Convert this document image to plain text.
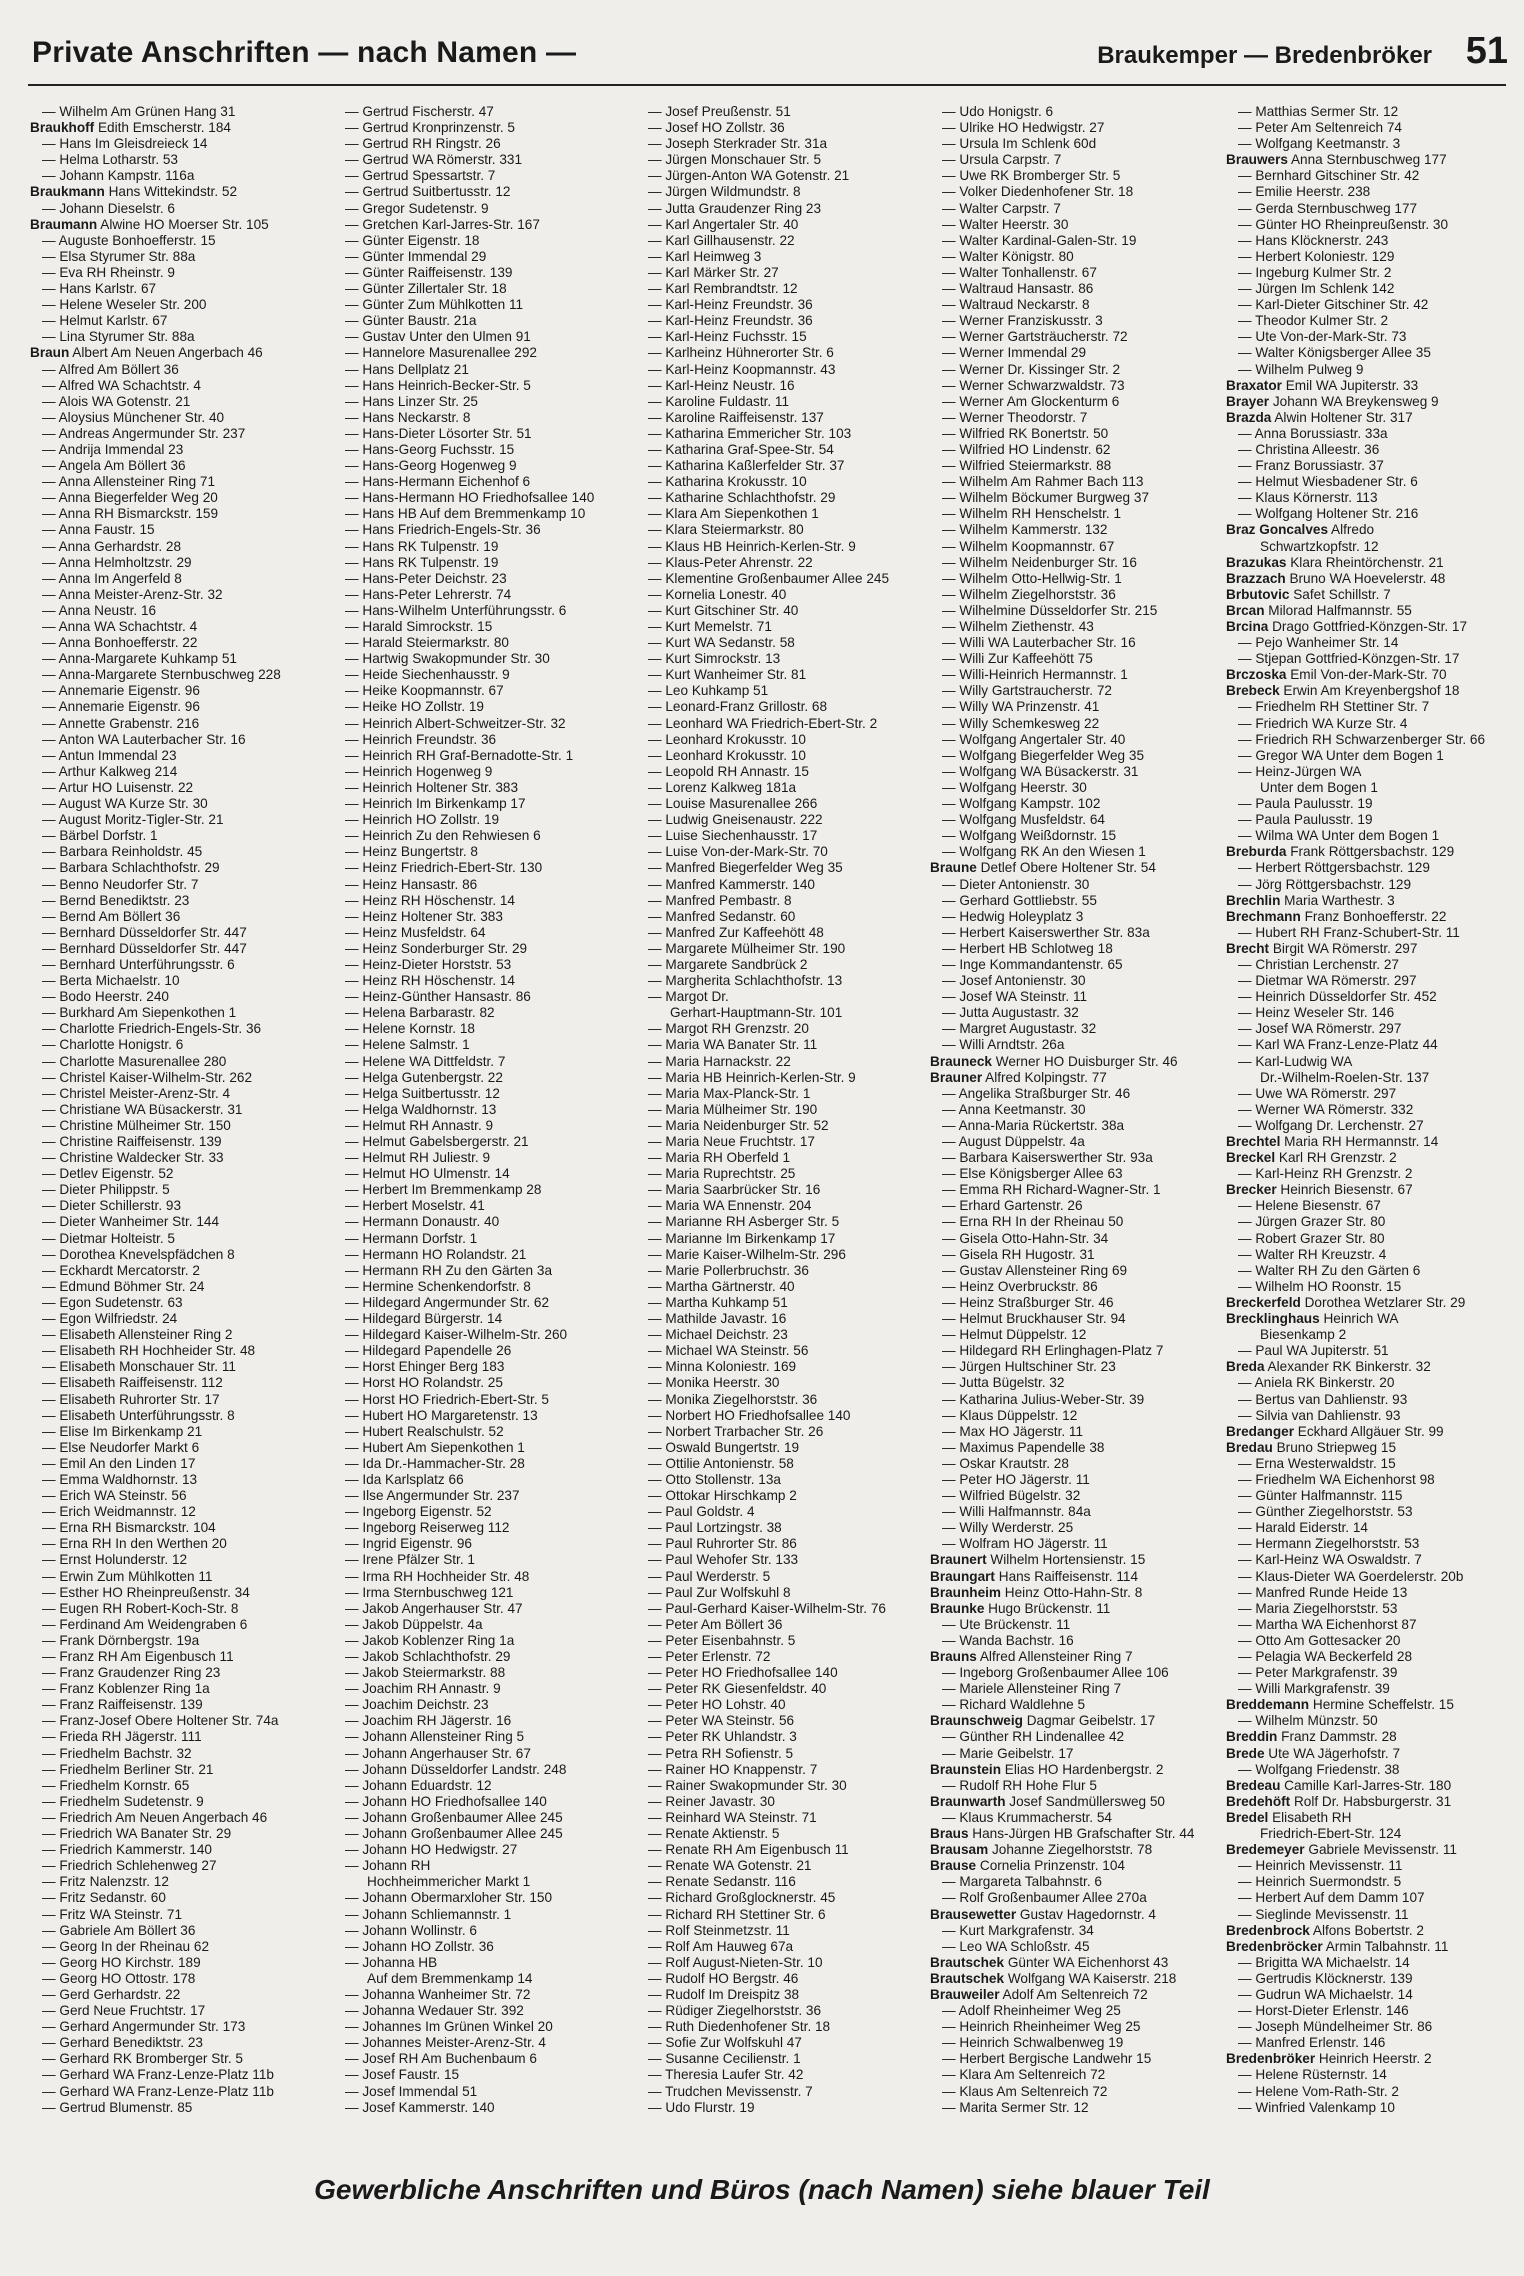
Private Anschriften — nach Namen —	Braukemper — Bredenbröker 51
— Wilhelm Am Grünen Hang 31
Braukhoff Edith Emscherstr. 184
— Hans Im Gleisdreieck 14
— Helma Lotharstr. 53
— Johann Kampstr. 116a
Braukmann Hans Wittekindstr. 52
— Johann Dieselstr. 6
Braumann Alwine HO Moerser Str. 105
— Auguste Bonhoefferstr. 15
— Elsa Styrumer Str. 88a
— Eva RH Rheinstr. 9
— Hans Karlstr. 67
— Helene Weseler Str. 200
— Helmut Karlstr. 67
— Lina Styrumer Str. 88a
Braun Albert Am Neuen Angerbach 46
— Alfred Am Böllert 36
— Alfred WA Schachtstr. 4
— Alois WA Gotenstr. 21
— Aloysius Münchener Str. 40
— Andreas Angermunder Str. 237
— Andrija Immendal 23
— Angela Am Böllert 36
— Anna Allensteiner Ring 71
— Anna Biegerfelder Weg 20
— Anna RH Bismarckstr. 159
— Anna Faustr. 15
— Anna Gerhardstr. 28
— Anna Helmholtzstr. 29
— Anna Im Angerfeld 8
— Anna Meister-Arenz-Str. 32
— Anna Neustr. 16
— Anna WA Schachtstr. 4
— Anna Bonhoefferstr. 22
— Anna-Margarete Kuhkamp 51
— Anna-Margarete Sternbuschweg 228
— Annemarie Eigenstr. 96
— Annemarie Eigenstr. 96
— Annette Grabenstr. 216
— Anton WA Lauterbacher Str. 16
— Antun Immendal 23
— Arthur Kalkweg 214
— Artur HO Luisenstr. 22
— August WA Kurze Str. 30
— August Moritz-Tigler-Str. 21
— Bärbel Dorfstr. 1
— Barbara Reinholdstr. 45
— Barbara Schlachthofstr. 29
— Benno Neudorfer Str. 7
— Bernd Benediktstr. 23
— Bernd Am Böllert 36
— Bernhard Düsseldorfer Str. 447
— Bernhard Düsseldorfer Str. 447
— Bernhard Unterführungsstr. 6
— Berta Michaelstr. 10
— Bodo Heerstr. 240
— Burkhard Am Siepenkothen 1
— Charlotte Friedrich-Engels-Str. 36
— Charlotte Honigstr. 6
— Charlotte Masurenallee 280
— Christel Kaiser-Wilhelm-Str. 262
— Christel Meister-Arenz-Str. 4
— Christiane WA Büsackerstr. 31
— Christine Mülheimer Str. 150
— Christine Raiffeisenstr. 139
— Christine Waldecker Str. 33
— Detlev Eigenstr. 52
— Dieter Philippstr. 5
— Dieter Schillerstr. 93
— Dieter Wanheimer Str. 144
— Dietmar Holteistr. 5
— Dorothea Knevelspfädchen 8
— Eckhardt Mercatorstr. 2
— Edmund Böhmer Str. 24
— Egon Sudetenstr. 63
— Egon Wilfriedstr. 24
— Elisabeth Allensteiner Ring 2
— Elisabeth RH Hochheider Str. 48
— Elisabeth Monschauer Str. 11
— Elisabeth Raiffeisenstr. 112
— Elisabeth Ruhrorter Str. 17
— Elisabeth Unterführungsstr. 8
— Elise Im Birkenkamp 21
— Else Neudorfer Markt 6
— Emil An den Linden 17
— Emma Waldhornstr. 13
— Erich WA Steinstr. 56
— Erich Weidmannstr. 12
— Erna RH Bismarckstr. 104
— Erna RH In den Werthen 20
— Ernst Holunderstr. 12
— Erwin Zum Mühlkotten 11
— Esther HO Rheinpreußenstr. 34
— Eugen RH Robert-Koch-Str. 8
— Ferdinand Am Weidengraben 6
— Frank Dörnbergstr. 19a
— Franz RH Am Eigenbusch 11
— Franz Graudenzer Ring 23
— Franz Koblenzer Ring 1a
— Franz Raiffeisenstr. 139
— Franz-Josef Obere Holtener Str. 74a
— Frieda RH Jägerstr. 111
— Friedhelm Bachstr. 32
— Friedhelm Berliner Str. 21
— Friedhelm Kornstr. 65
— Friedhelm Sudetenstr. 9
— Friedrich Am Neuen Angerbach 46
— Friedrich WA Banater Str. 29
— Friedrich Kammerstr. 140
— Friedrich Schlehenweg 27
— Fritz Nalenzstr. 12
— Fritz Sedanstr. 60
— Fritz WA Steinstr. 71
— Gabriele Am Böllert 36
— Georg In der Rheinau 62
— Georg HO Kirchstr. 189
— Georg HO Ottostr. 178
— Gerd Gerhardstr. 22
— Gerd Neue Fruchtstr. 17
— Gerhard Angermunder Str. 173
— Gerhard Benediktstr. 23
— Gerhard RK Bromberger Str. 5
— Gerhard WA Franz-Lenze-Platz 11b
— Gerhard WA Franz-Lenze-Platz 11b
— Gertrud Blumenstr. 85
— Gertrud Fischerstr. 47
— Gertrud Kronprinzenstr. 5
— Gertrud RH Ringstr. 26
— Gertrud WA Römerstr. 331
— Gertrud Spessartstr. 7
— Gertrud Suitbertusstr. 12
— Gregor Sudetenstr. 9
— Gretchen Karl-Jarres-Str. 167
— Günter Eigenstr. 18
— Günter Immendal 29
— Günter Raiffeisenstr. 139
— Günter Zillertaler Str. 18
— Günter Zum Mühlkotten 11
— Günter Baustr. 21a
— Gustav Unter den Ulmen 91
— Hannelore Masurenallee 292
— Hans Dellplatz 21
— Hans Heinrich-Becker-Str. 5
— Hans Linzer Str. 25
— Hans Neckarstr. 8
— Hans-Dieter Lösorter Str. 51
— Hans-Georg Fuchsstr. 15
— Hans-Georg Hogenweg 9
— Hans-Hermann Eichenhof 6
— Hans-Hermann HO Friedhofsallee 140
— Hans HB Auf dem Bremmenkamp 10
— Hans Friedrich-Engels-Str. 36
— Hans RK Tulpenstr. 19
— Hans RK Tulpenstr. 19
— Hans-Peter Deichstr. 23
— Hans-Peter Lehrerstr. 74
— Hans-Wilhelm Unterführungsstr. 6
— Harald Simrockstr. 15
— Harald Steiermarkstr. 80
— Hartwig Swakopmunder Str. 30
— Heide Siechenhausstr. 9
— Heike Koopmannstr. 67
— Heike HO Zollstr. 19
— Heinrich Albert-Schweitzer-Str. 32
— Heinrich Freundstr. 36
— Heinrich RH Graf-Bernadotte-Str. 1
— Heinrich Hogenweg 9
— Heinrich Holtener Str. 383
— Heinrich Im Birkenkamp 17
— Heinrich HO Zollstr. 19
— Heinrich Zu den Rehwiesen 6
— Heinz Bungertstr. 8
— Heinz Friedrich-Ebert-Str. 130
— Heinz Hansastr. 86
— Heinz RH Höschenstr. 14
— Heinz Holtener Str. 383
— Heinz Musfeldstr. 64
— Heinz Sonderburger Str. 29
— Heinz-Dieter Horststr. 53
— Heinz RH Höschenstr. 14
— Heinz-Günther Hansastr. 86
— Helena Barbarastr. 82
— Helene Kornstr. 18
— Helene Salmstr. 1
— Helene WA Dittfeldstr. 7
— Helga Gutenbergstr. 22
— Helga Suitbertusstr. 12
— Helga Waldhornstr. 13
— Helmut RH Annastr. 9
— Helmut Gabelsbergerstr. 21
— Helmut RH Juliestr. 9
— Helmut HO Ulmenstr. 14
— Herbert Im Bremmenkamp 28
— Herbert Moselstr. 41
— Hermann Donaustr. 40
— Hermann Dorfstr. 1
— Hermann HO Rolandstr. 21
— Hermann RH Zu den Gärten 3a
— Hermine Schenkendorfstr. 8
— Hildegard Angermunder Str. 62
— Hildegard Bürgerstr. 14
— Hildegard Kaiser-Wilhelm-Str. 260
— Hildegard Papendelle 26
— Horst Ehinger Berg 183
— Horst HO Rolandstr. 25
— Horst HO Friedrich-Ebert-Str. 5
— Hubert HO Margaretenstr. 13
— Hubert Realschulstr. 52
— Hubert Am Siepenkothen 1
— Ida Dr.-Hammacher-Str. 28
— Ida Karlsplatz 66
— Ilse Angermunder Str. 237
— Ingeborg Eigenstr. 52
— Ingeborg Reiserweg 112
— Ingrid Eigenstr. 96
— Irene Pfälzer Str. 1
— Irma RH Hochheider Str. 48
— Irma Sternbuschweg 121
— Jakob Angerhauser Str. 47
— Jakob Düppelstr. 4a
— Jakob Koblenzer Ring 1a
— Jakob Schlachthofstr. 29
— Jakob Steiermarkstr. 88
— Joachim RH Annastr. 9
— Joachim Deichstr. 23
— Joachim RH Jägerstr. 16
— Johann Allensteiner Ring 5
— Johann Angerhauser Str. 67
— Johann Düsseldorfer Landstr. 248
— Johann Eduardstr. 12
— Johann HO Friedhofsallee 140
— Johann Großenbaumer Allee 245
— Johann Großenbaumer Allee 245
— Johann HO Hedwigstr. 27
— Johann RH
Hochheimmericher Markt 1
— Johann Obermarxloher Str. 150
— Johann Schliemannstr. 1
— Johann Wollinstr. 6
— Johann HO Zollstr. 36
— Johanna HB
Auf dem Bremmenkamp 14
— Johanna Wanheimer Str. 72
— Johanna Wedauer Str. 392
— Johannes Im Grünen Winkel 20
— Johannes Meister-Arenz-Str. 4
— Josef RH Am Buchenbaum 6
— Josef Faustr. 15
— Josef Immendal 51
— Josef Kammerstr. 140
— Josef Preußenstr. 51
— Josef HO Zollstr. 36
— Joseph Sterkrader Str. 31a
— Jürgen Monschauer Str. 5
— Jürgen-Anton WA Gotenstr. 21
— Jürgen Wildmundstr. 8
— Jutta Graudenzer Ring 23
— Karl Angertaler Str. 40
— Karl Gillhausenstr. 22
— Karl Heimweg 3
— Karl Märker Str. 27
— Karl Rembrandtstr. 12
— Karl-Heinz Freundstr. 36
— Karl-Heinz Freundstr. 36
— Karl-Heinz Fuchsstr. 15
— Karlheinz Hühnerorter Str. 6
— Karl-Heinz Koopmannstr. 43
— Karl-Heinz Neustr. 16
— Karoline Fuldastr. 11
— Karoline Raiffeisenstr. 137
— Katharina Emmericher Str. 103
— Katharina Graf-Spee-Str. 54
— Katharina Kaßlerfelder Str. 37
— Katharina Krokusstr. 10
— Katharine Schlachthofstr. 29
— Klara Am Siepenkothen 1
— Klara Steiermarkstr. 80
— Klaus HB Heinrich-Kerlen-Str. 9
— Klaus-Peter Ahrenstr. 22
— Klementine Großenbaumer Allee 245
— Kornelia Lonestr. 40
— Kurt Gitschiner Str. 40
— Kurt Memelstr. 71
— Kurt WA Sedanstr. 58
— Kurt Simrockstr. 13
— Kurt Wanheimer Str. 81
— Leo Kuhkamp 51
— Leonard-Franz Grillostr. 68
— Leonhard WA Friedrich-Ebert-Str. 2
— Leonhard Krokusstr. 10
— Leonhard Krokusstr. 10
— Leopold RH Annastr. 15
— Lorenz Kalkweg 181a
— Louise Masurenallee 266
— Ludwig Gneisenaustr. 222
— Luise Siechenhausstr. 17
— Luise Von-der-Mark-Str. 70
— Manfred Biegerfelder Weg 35
— Manfred Kammerstr. 140
— Manfred Pembastr. 8
— Manfred Sedanstr. 60
— Manfred Zur Kaffeehött 48
— Margarete Mülheimer Str. 190
— Margarete Sandbrück 2
— Margherita Schlachthofstr. 13
— Margot Dr.
Gerhart-Hauptmann-Str. 101
— Margot RH Grenzstr. 20
— Maria WA Banater Str. 11
— Maria Harnackstr. 22
— Maria HB Heinrich-Kerlen-Str. 9
— Maria Max-Planck-Str. 1
— Maria Mülheimer Str. 190
— Maria Neidenburger Str. 52
— Maria Neue Fruchtstr. 17
— Maria RH Oberfeld 1
— Maria Ruprechtstr. 25
— Maria Saarbrücker Str. 16
— Maria WA Ennenstr. 204
— Marianne RH Asberger Str. 5
— Marianne Im Birkenkamp 17
— Marie Kaiser-Wilhelm-Str. 296
— Marie Pollerbruchstr. 36
— Martha Gärtnerstr. 40
— Martha Kuhkamp 51
— Mathilde Javastr. 16
— Michael Deichstr. 23
— Michael WA Steinstr. 56
— Minna Koloniestr. 169
— Monika Heerstr. 30
— Monika Ziegelhorststr. 36
— Norbert HO Friedhofsallee 140
— Norbert Trarbacher Str. 26
— Oswald Bungertstr. 19
— Ottilie Antonienstr. 58
— Otto Stollenstr. 13a
— Ottokar Hirschkamp 2
— Paul Goldstr. 4
— Paul Lortzingstr. 38
— Paul Ruhrorter Str. 86
— Paul Wehofer Str. 133
— Paul Werderstr. 5
— Paul Zur Wolfskuhl 8
— Paul-Gerhard Kaiser-Wilhelm-Str. 76
— Peter Am Böllert 36
— Peter Eisenbahnstr. 5
— Peter Erlenstr. 72
— Peter HO Friedhofsallee 140
— Peter RK Giesenfeldstr. 40
— Peter HO Lohstr. 40
— Peter WA Steinstr. 56
— Peter RK Uhlandstr. 3
— Petra RH Sofienstr. 5
— Rainer HO Knappenstr. 7
— Rainer Swakopmunder Str. 30
— Reiner Javastr. 30
— Reinhard WA Steinstr. 71
— Renate Aktienstr. 5
— Renate RH Am Eigenbusch 11
— Renate WA Gotenstr. 21
— Renate Sedanstr. 116
— Richard Großglocknerstr. 45
— Richard RH Stettiner Str. 6
— Rolf Steinmetzstr. 11
— Rolf Am Hauweg 67a
— Rolf August-Nieten-Str. 10
— Rudolf HO Bergstr. 46
— Rudolf Im Dreispitz 38
— Rüdiger Ziegelhorststr. 36
— Ruth Diedenhofener Str. 18
— Sofie Zur Wolfskuhl 47
— Susanne Cecilienstr. 1
— Theresia Laufer Str. 42
— Trudchen Mevissenstr. 7
— Udo Flurstr. 19
— Udo Honigstr. 6
— Ulrike HO Hedwigstr. 27
— Ursula Im Schlenk 60d
— Ursula Carpstr. 7
— Uwe RK Bromberger Str. 5
— Volker Diedenhofener Str. 18
— Walter Carpstr. 7
— Walter Heerstr. 30
— Walter Kardinal-Galen-Str. 19
— Walter Königstr. 80
— Walter Tonhallenstr. 67
— Waltraud Hansastr. 86
— Waltraud Neckarstr. 8
— Werner Franziskusstr. 3
— Werner Gartsträucherstr. 72
— Werner Immendal 29
— Werner Dr. Kissinger Str. 2
— Werner Schwarzwaldstr. 73
— Werner Am Glockenturm 6
— Werner Theodorstr. 7
— Wilfried RK Bonertstr. 50
— Wilfried HO Lindenstr. 62
— Wilfried Steiermarkstr. 88
— Wilhelm Am Rahmer Bach 113
— Wilhelm Böckumer Burgweg 37
— Wilhelm RH Henschelstr. 1
— Wilhelm Kammerstr. 132
— Wilhelm Koopmannstr. 67
— Wilhelm Neidenburger Str. 16
— Wilhelm Otto-Hellwig-Str. 1
— Wilhelm Ziegelhorststr. 36
— Wilhelmine Düsseldorfer Str. 215
— Wilhelm Ziethenstr. 43
— Willi WA Lauterbacher Str. 16
— Willi Zur Kaffeehött 75
— Willi-Heinrich Hermannstr. 1
— Willy Gartstraucherstr. 72
— Willy WA Prinzenstr. 41
— Willy Schemkesweg 22
— Wolfgang Angertaler Str. 40
— Wolfgang Biegerfelder Weg 35
— Wolfgang WA Büsackerstr. 31
— Wolfgang Heerstr. 30
— Wolfgang Kampstr. 102
— Wolfgang Musfeldstr. 64
— Wolfgang Weißdornstr. 15
— Wolfgang RK An den Wiesen 1
Braune Detlef Obere Holtener Str. 54
— Dieter Antonienstr. 30
— Gerhard Gottliebstr. 55
— Hedwig Holeyplatz 3
— Herbert Kaiserswerther Str. 83a
— Herbert HB Schlotweg 18
— Inge Kommandantenstr. 65
— Josef Antonienstr. 30
— Josef WA Steinstr. 11
— Jutta Augustastr. 32
— Margret Augustastr. 32
— Willi Arndtstr. 26a
Brauneck Werner HO Duisburger Str. 46
Brauner Alfred Kolpingstr. 77
— Angelika Straßburger Str. 46
— Anna Keetmanstr. 30
— Anna-Maria Rückertstr. 38a
— August Düppelstr. 4a
— Barbara Kaiserswerther Str. 93a
— Else Königsberger Allee 63
— Emma RH Richard-Wagner-Str. 1
— Erhard Gartenstr. 26
— Erna RH In der Rheinau 50
— Gisela Otto-Hahn-Str. 34
— Gisela RH Hugostr. 31
— Gustav Allensteiner Ring 69
— Heinz Overbruckstr. 86
— Heinz Straßburger Str. 46
— Helmut Bruckhauser Str. 94
— Helmut Düppelstr. 12
— Hildegard RH Erlinghagen-Platz 7
— Jürgen Hultschiner Str. 23
— Jutta Bügelstr. 32
— Katharina Julius-Weber-Str. 39
— Klaus Düppelstr. 12
— Max HO Jägerstr. 11
— Maximus Papendelle 38
— Oskar Krautstr. 28
— Peter HO Jägerstr. 11
— Wilfried Bügelstr. 32
— Willi Halfmannstr. 84a
— Willy Werderstr. 25
— Wolfram HO Jägerstr. 11
Braunert Wilhelm Hortensienstr. 15
Braungart Hans Raiffeisenstr. 114
Braunheim Heinz Otto-Hahn-Str. 8
Braunke Hugo Brückenstr. 11
— Ute Brückenstr. 11
— Wanda Bachstr. 16
Brauns Alfred Allensteiner Ring 7
— Ingeborg Großenbaumer Allee 106
— Mariele Allensteiner Ring 7
— Richard Waldlehne 5
Braunschweig Dagmar Geibelstr. 17
— Günther RH Lindenallee 42
— Marie Geibelstr. 17
Braunstein Elias HO Hardenbergstr. 2
— Rudolf RH Hohe Flur 5
Braunwarth Josef Sandmüllersweg 50
— Klaus Krummacherstr. 54
Braus Hans-Jürgen HB Grafschafter Str. 44
Brausam Johanne Ziegelhorststr. 78
Brause Cornelia Prinzenstr. 104
— Margareta Talbahnstr. 6
— Rolf Großenbaumer Allee 270a
Brausewetter Gustav Hagedornstr. 4
— Kurt Markgrafenstr. 34
— Leo WA Schloßstr. 45
Brautschek Günter WA Eichenhorst 43
Brautschek Wolfgang WA Kaiserstr. 218
Brauweiler Adolf Am Seltenreich 72
— Adolf Rheinheimer Weg 25
— Heinrich Rheinheimer Weg 25
— Heinrich Schwalbenweg 19
— Herbert Bergische Landwehr 15
— Klara Am Seltenreich 72
— Klaus Am Seltenreich 72
— Marita Sermer Str. 12
— Matthias Sermer Str. 12
— Peter Am Seltenreich 74
— Wolfgang Keetmanstr. 3
Brauwers Anna Sternbuschweg 177
— Bernhard Gitschiner Str. 42
— Emilie Heerstr. 238
— Gerda Sternbuschweg 177
— Günter HO Rheinpreußenstr. 30
— Hans Klöcknerstr. 243
— Herbert Koloniestr. 129
— Ingeburg Kulmer Str. 2
— Jürgen Im Schlenk 142
— Karl-Dieter Gitschiner Str. 42
— Theodor Kulmer Str. 2
— Ute Von-der-Mark-Str. 73
— Walter Königsberger Allee 35
— Wilhelm Pulweg 9
Braxator Emil WA Jupiterstr. 33
Brayer Johann WA Breykensweg 9
Brazda Alwin Holtener Str. 317
— Anna Borussiastr. 33a
— Christina Alleestr. 36
— Franz Borussiastr. 37
— Helmut Wiesbadener Str. 6
— Klaus Körnerstr. 113
— Wolfgang Holtener Str. 216
Braz Goncalves Alfredo
Schwartzkopfstr. 12
Brazukas Klara Rheintörchenstr. 21
Brazzach Bruno WA Hoevelerstr. 48
Brbutovic Safet Schillstr. 7
Brcan Milorad Halfmannstr. 55
Brcina Drago Gottfried-Könzgen-Str. 17
— Pejo Wanheimer Str. 14
— Stjepan Gottfried-Könzgen-Str. 17
Brczoska Emil Von-der-Mark-Str. 70
Brebeck Erwin Am Kreyenbergshof 18
— Friedhelm RH Stettiner Str. 7
— Friedrich WA Kurze Str. 4
— Friedrich RH Schwarzenberger Str. 66
— Gregor WA Unter dem Bogen 1
— Heinz-Jürgen WA
Unter dem Bogen 1
— Paula Paulusstr. 19
— Paula Paulusstr. 19
— Wilma WA Unter dem Bogen 1
Breburda Frank Röttgersbachstr. 129
— Herbert Röttgersbachstr. 129
— Jörg Röttgersbachstr. 129
Brechlin Maria Warthestr. 3
Brechmann Franz Bonhoefferstr. 22
— Hubert RH Franz-Schubert-Str. 11
Brecht Birgit WA Römerstr. 297
— Christian Lerchenstr. 27
— Dietmar WA Römerstr. 297
— Heinrich Düsseldorfer Str. 452
— Heinz Weseler Str. 146
— Josef WA Römerstr. 297
— Karl WA Franz-Lenze-Platz 44
— Karl-Ludwig WA
Dr.-Wilhelm-Roelen-Str. 137
— Uwe WA Römerstr. 297
— Werner WA Römerstr. 332
— Wolfgang Dr. Lerchenstr. 27
Brechtel Maria RH Hermannstr. 14
Breckel Karl RH Grenzstr. 2
— Karl-Heinz RH Grenzstr. 2
Brecker Heinrich Biesenstr. 67
— Helene Biesenstr. 67
— Jürgen Grazer Str. 80
— Robert Grazer Str. 80
— Walter RH Kreuzstr. 4
— Walter RH Zu den Gärten 6
— Wilhelm HO Roonstr. 15
Breckerfeld Dorothea Wetzlarer Str. 29
Brecklinghaus Heinrich WA
Biesenkamp 2
— Paul WA Jupiterstr. 51
Breda Alexander RK Binkerstr. 32
— Aniela RK Binkerstr. 20
— Bertus van Dahlienstr. 93
— Silvia van Dahlienstr. 93
Bredanger Eckhard Allgäuer Str. 99
Bredau Bruno Striepweg 15
— Erna Westerwaldstr. 15
— Friedhelm WA Eichenhorst 98
— Günter Halfmannstr. 115
— Günther Ziegelhorststr. 53
— Harald Eiderstr. 14
— Hermann Ziegelhorststr. 53
— Karl-Heinz WA Oswaldstr. 7
— Klaus-Dieter WA Goerdelerstr. 20b
— Manfred Runde Heide 13
— Maria Ziegelhorststr. 53
— Martha WA Eichenhorst 87
— Otto Am Gottesacker 20
— Pelagia WA Beckerfeld 28
— Peter Markgrafenstr. 39
— Willi Markgrafenstr. 39
Breddemann Hermine Scheffelstr. 15
— Wilhelm Münzstr. 50
Breddin Franz Dammstr. 28
Brede Ute WA Jägerhofstr. 7
— Wolfgang Friedenstr. 38
Bredeau Camille Karl-Jarres-Str. 180
Bredehöft Rolf Dr. Habsburgerstr. 31
Bredel Elisabeth RH
Friedrich-Ebert-Str. 124
Bredemeyer Gabriele Mevissenstr. 11
— Heinrich Mevissenstr. 11
— Heinrich Suermondstr. 5
— Herbert Auf dem Damm 107
— Sieglinde Mevissenstr. 11
Bredenbrock Alfons Bobertstr. 2
Bredenbröcker Armin Talbahnstr. 11
— Brigitta WA Michaelstr. 14
— Gertrudis Klöcknerstr. 139
— Gudrun WA Michaelstr. 14
— Horst-Dieter Erlenstr. 146
— Joseph Mündelheimer Str. 86
— Manfred Erlenstr. 146
Bredenbröker Heinrich Heerstr. 2
— Helene Rüsternstr. 14
— Helene Vom-Rath-Str. 2
— Winfried Valenkamp 10
Gewerbliche Anschriften und Büros (nach Namen) siehe blauer Teil
